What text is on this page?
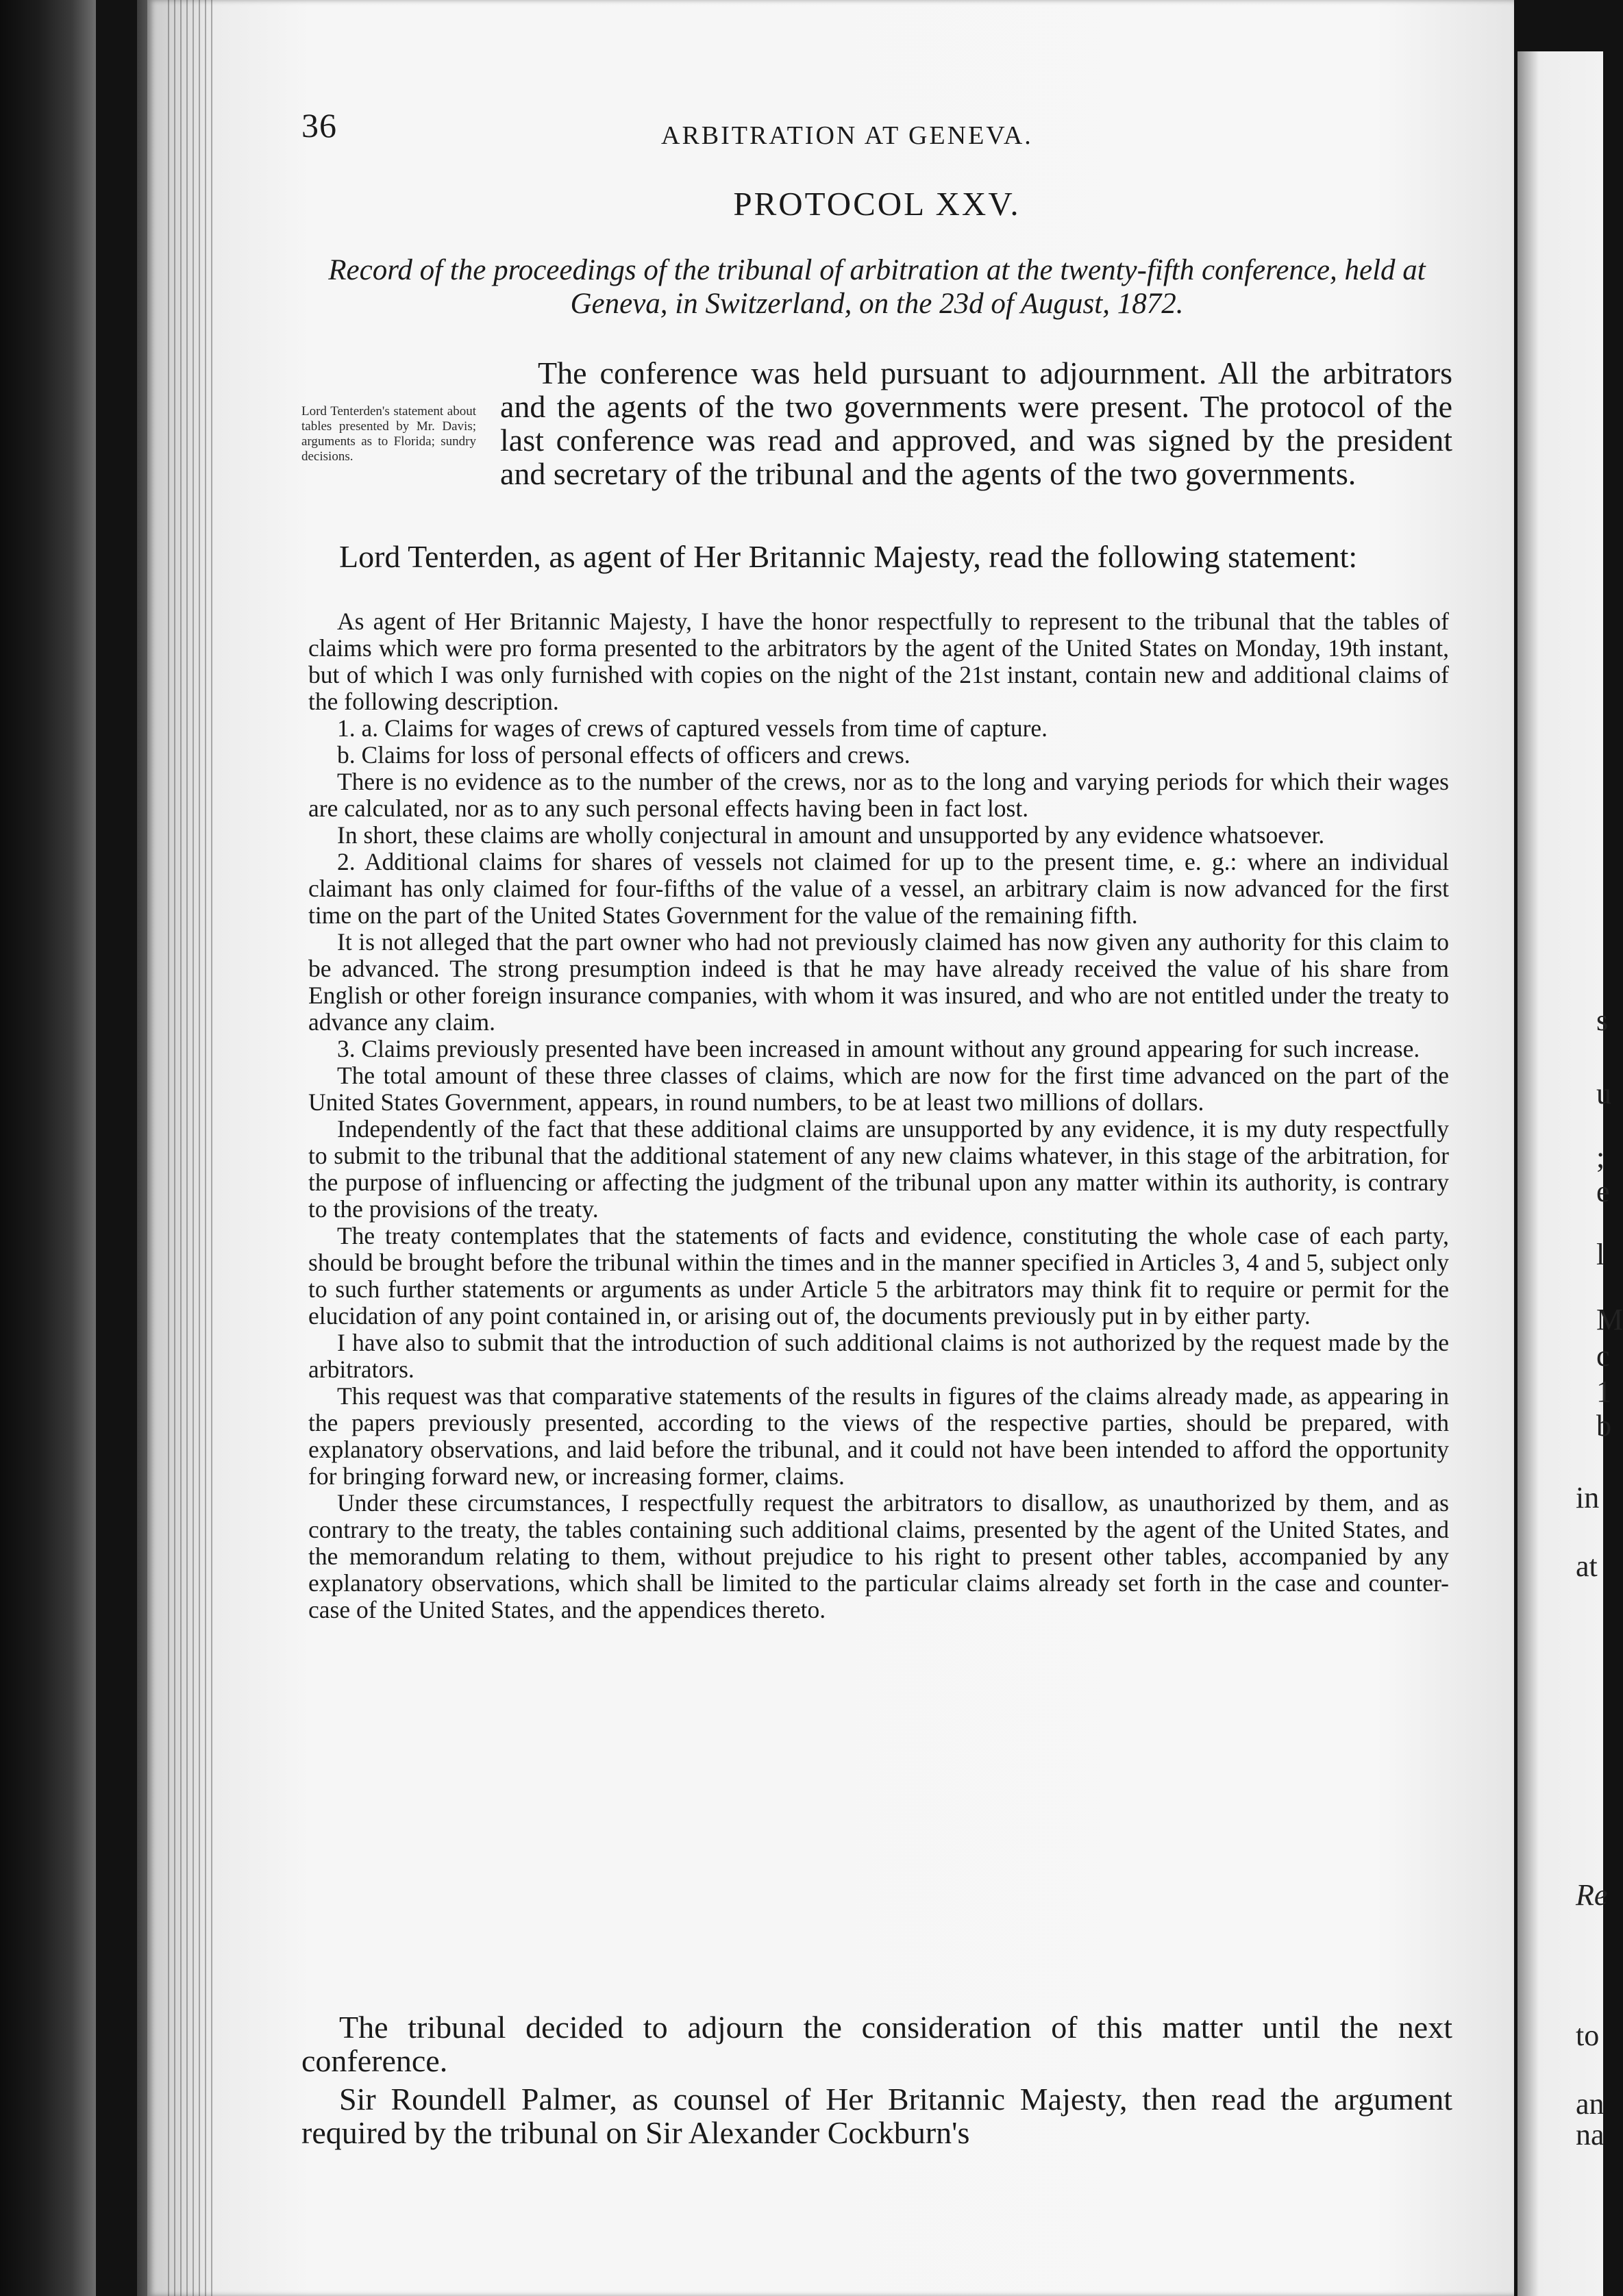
s
u
;
e
l
M
c
1
b
in
at
Re
to
an
na
36	ARBITRATION AT GENEVA.
PROTOCOL XXV.
Record of the proceedings of the tribunal of arbitration at the twenty-fifth conference, held at Geneva, in Switzerland, on the 23d of August, 1872.

The conference was held pursuant to adjournment. All the arbitrators and the agents of the two governments were present. The protocol of the last conference was read and approved, and was signed by the president and secretary of the tribunal and the agents of the two governments.

Lord Tenterden's statement about tables presented by Mr. Davis; arguments as to Florida; sundry decisions.

Lord Tenterden, as agent of Her Britannic Majesty, read the following statement:

As agent of Her Britannic Majesty, I have the honor respectfully to represent to the tribunal that the tables of claims which were pro forma presented to the arbitrators by the agent of the United States on Monday, 19th instant, but of which I was only furnished with copies on the night of the 21st instant, contain new and additional claims of the following description.

1. a. Claims for wages of crews of captured vessels from time of capture.

b. Claims for loss of personal effects of officers and crews.

There is no evidence as to the number of the crews, nor as to the long and varying periods for which their wages are calculated, nor as to any such personal effects having been in fact lost.

In short, these claims are wholly conjectural in amount and unsupported by any evidence whatsoever.

2. Additional claims for shares of vessels not claimed for up to the present time, e. g.: where an individual claimant has only claimed for four-fifths of the value of a vessel, an arbitrary claim is now advanced for the first time on the part of the United States Government for the value of the remaining fifth.

It is not alleged that the part owner who had not previously claimed has now given any authority for this claim to be advanced. The strong presumption indeed is that he may have already received the value of his share from English or other foreign insurance companies, with whom it was insured, and who are not entitled under the treaty to advance any claim.

3. Claims previously presented have been increased in amount without any ground appearing for such increase.

The total amount of these three classes of claims, which are now for the first time advanced on the part of the United States Government, appears, in round numbers, to be at least two millions of dollars.

Independently of the fact that these additional claims are unsupported by any evidence, it is my duty respectfully to submit to the tribunal that the additional statement of any new claims whatever, in this stage of the arbitration, for the purpose of influencing or affecting the judgment of the tribunal upon any matter within its authority, is contrary to the provisions of the treaty.

The treaty contemplates that the statements of facts and evidence, constituting the whole case of each party, should be brought before the tribunal within the times and in the manner specified in Articles 3, 4 and 5, subject only to such further statements or arguments as under Article 5 the arbitrators may think fit to require or permit for the elucidation of any point contained in, or arising out of, the documents previously put in by either party.

I have also to submit that the introduction of such additional claims is not authorized by the request made by the arbitrators.

This request was that comparative statements of the results in figures of the claims already made, as appearing in the papers previously presented, according to the views of the respective parties, should be prepared, with explanatory observations, and laid before the tribunal, and it could not have been intended to afford the opportunity for bringing forward new, or increasing former, claims.

Under these circumstances, I respectfully request the arbitrators to disallow, as unauthorized by them, and as contrary to the treaty, the tables containing such additional claims, presented by the agent of the United States, and the memorandum relating to them, without prejudice to his right to present other tables, accompanied by any explanatory observations, which shall be limited to the particular claims already set forth in the case and counter-case of the United States, and the appendices thereto.

The tribunal decided to adjourn the consideration of this matter until the next conference.

Sir Roundell Palmer, as counsel of Her Britannic Majesty, then read the argument required by the tribunal on Sir Alexander Cockburn's
